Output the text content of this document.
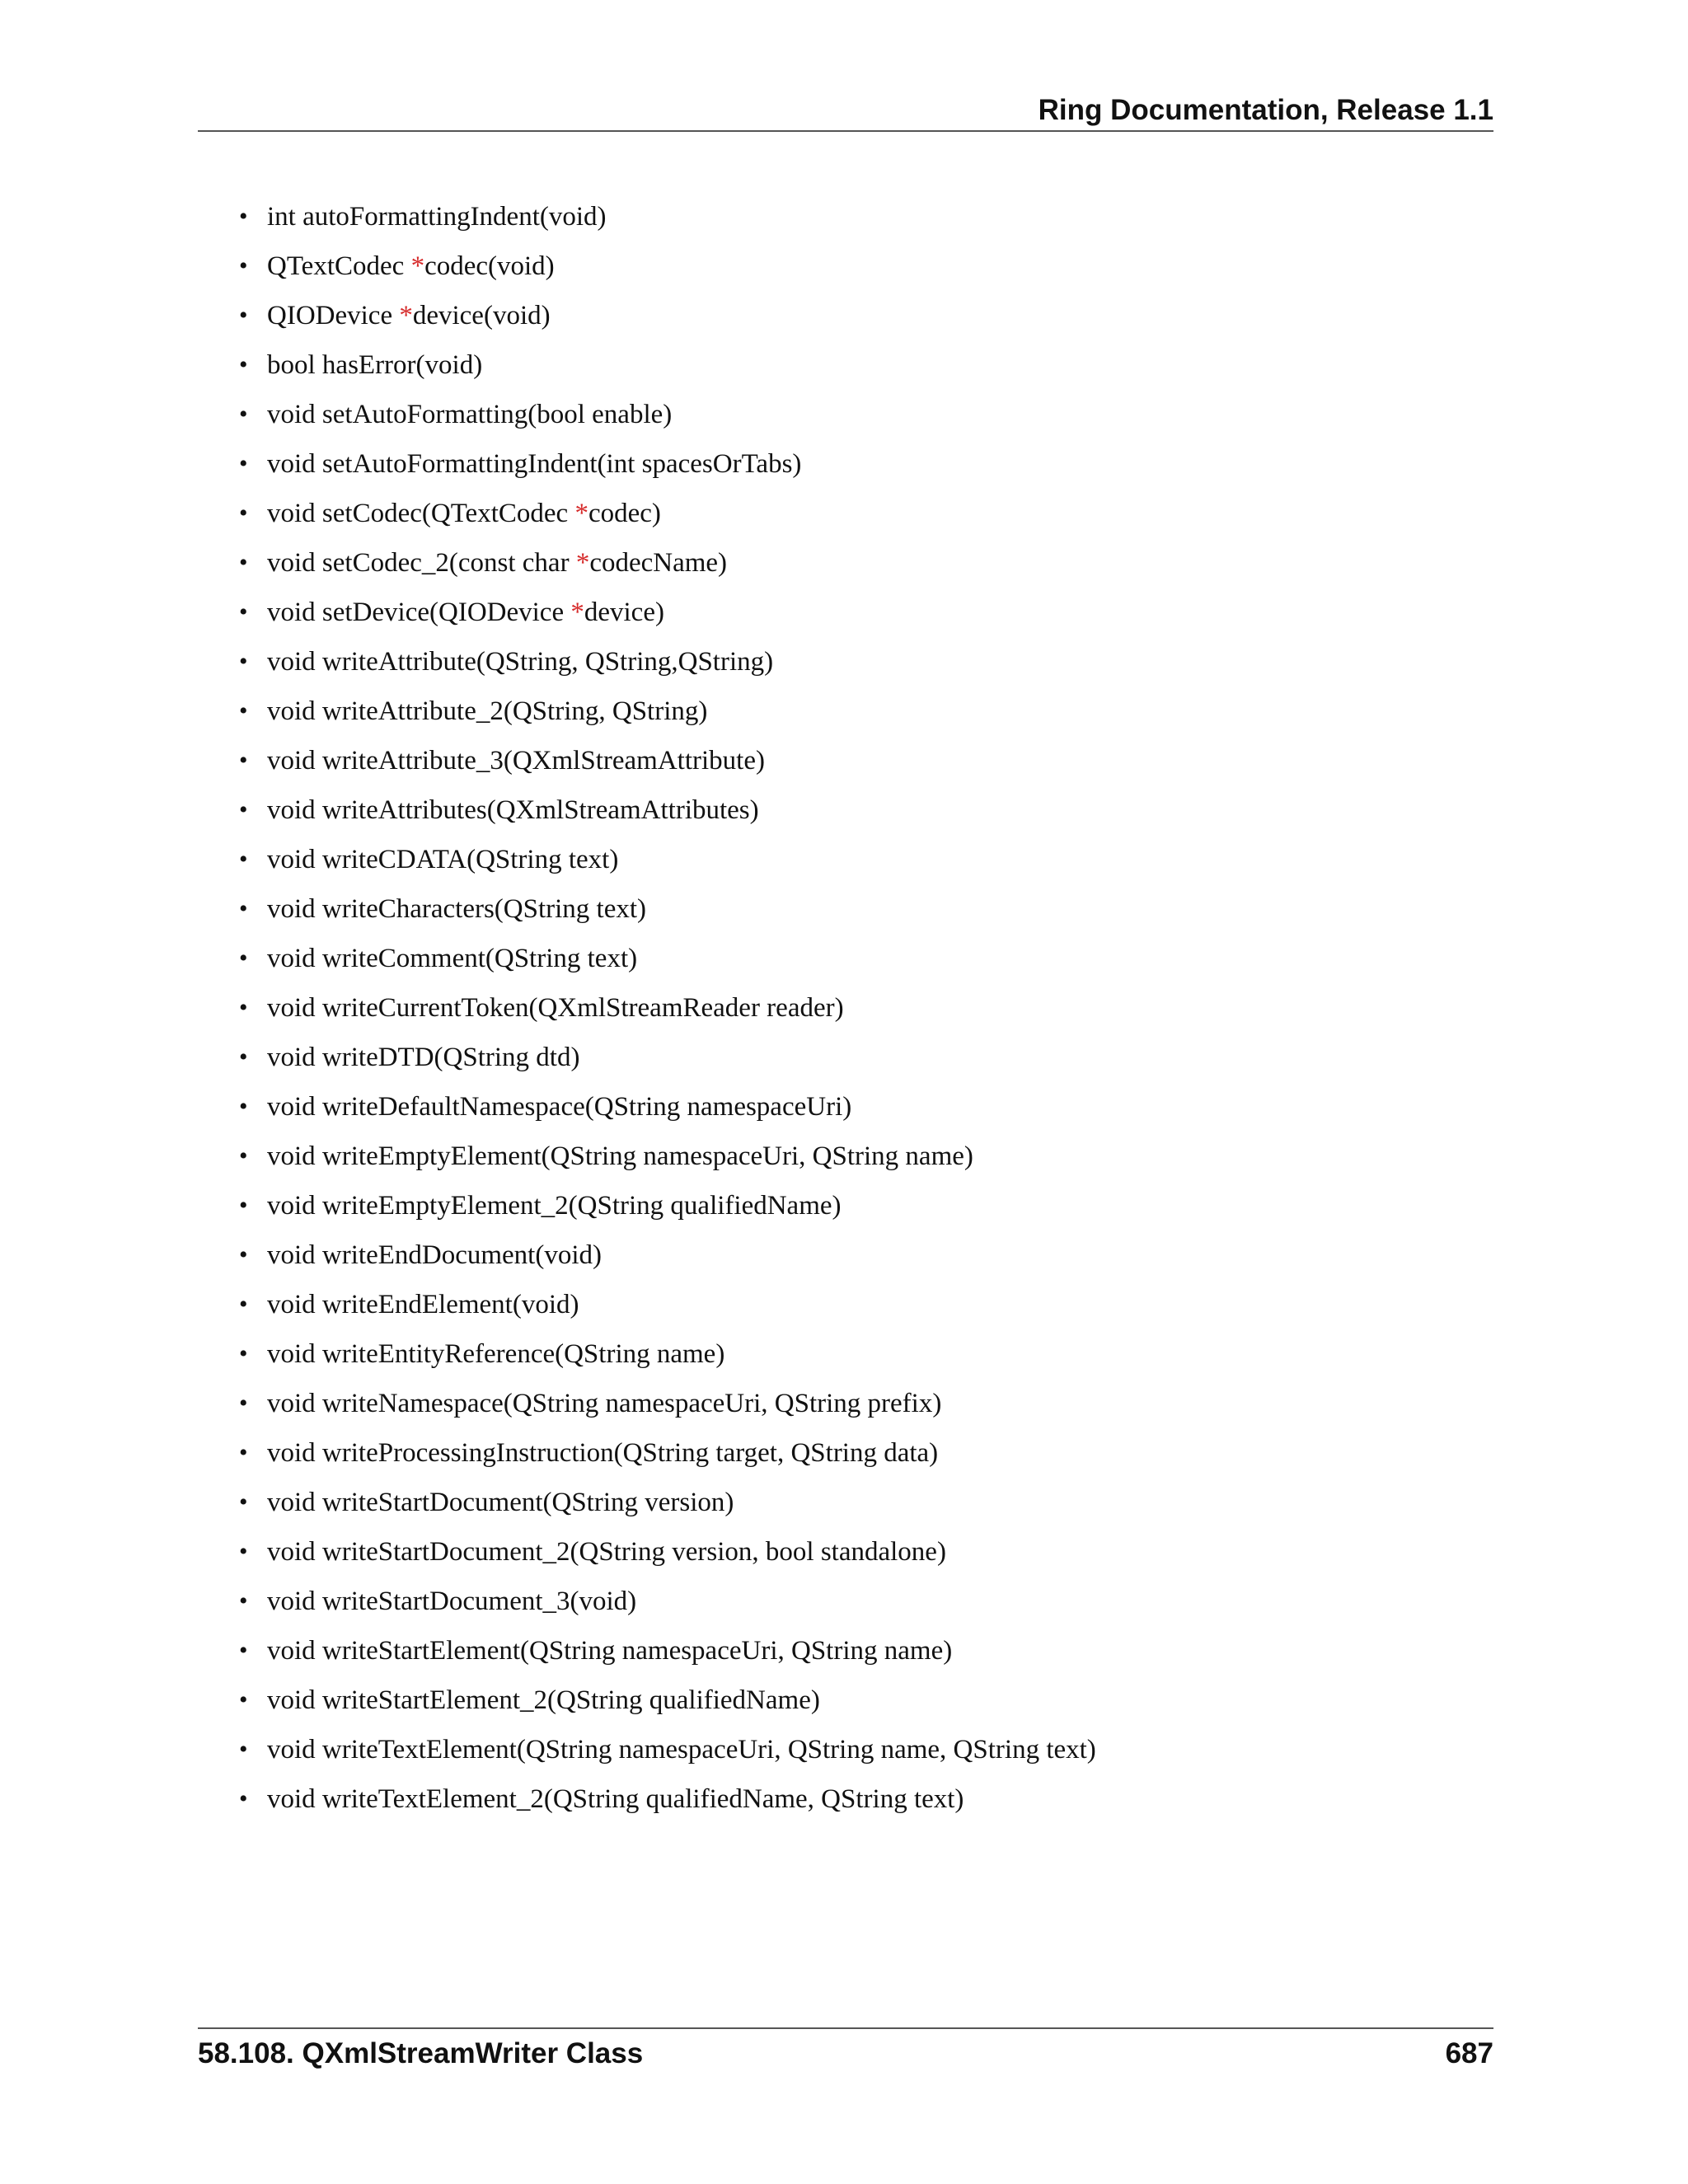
Ring Documentation, Release 1.1
• int autoFormattingIndent(void)
• QTextCodec *codec(void)
• QIODevice *device(void)
• bool hasError(void)
• void setAutoFormatting(bool enable)
• void setAutoFormattingIndent(int spacesOrTabs)
• void setCodec(QTextCodec *codec)
• void setCodec_2(const char *codecName)
• void setDevice(QIODevice *device)
• void writeAttribute(QString, QString,QString)
• void writeAttribute_2(QString, QString)
• void writeAttribute_3(QXmlStreamAttribute)
• void writeAttributes(QXmlStreamAttributes)
• void writeCDATA(QString text)
• void writeCharacters(QString text)
• void writeComment(QString text)
• void writeCurrentToken(QXmlStreamReader reader)
• void writeDTD(QString dtd)
• void writeDefaultNamespace(QString namespaceUri)
• void writeEmptyElement(QString namespaceUri, QString name)
• void writeEmptyElement_2(QString qualifiedName)
• void writeEndDocument(void)
• void writeEndElement(void)
• void writeEntityReference(QString name)
• void writeNamespace(QString namespaceUri, QString prefix)
• void writeProcessingInstruction(QString target, QString data)
• void writeStartDocument(QString version)
• void writeStartDocument_2(QString version, bool standalone)
• void writeStartDocument_3(void)
• void writeStartElement(QString namespaceUri, QString name)
• void writeStartElement_2(QString qualifiedName)
• void writeTextElement(QString namespaceUri, QString name, QString text)
• void writeTextElement_2(QString qualifiedName, QString text)
58.108. QXmlStreamWriter Class	687
